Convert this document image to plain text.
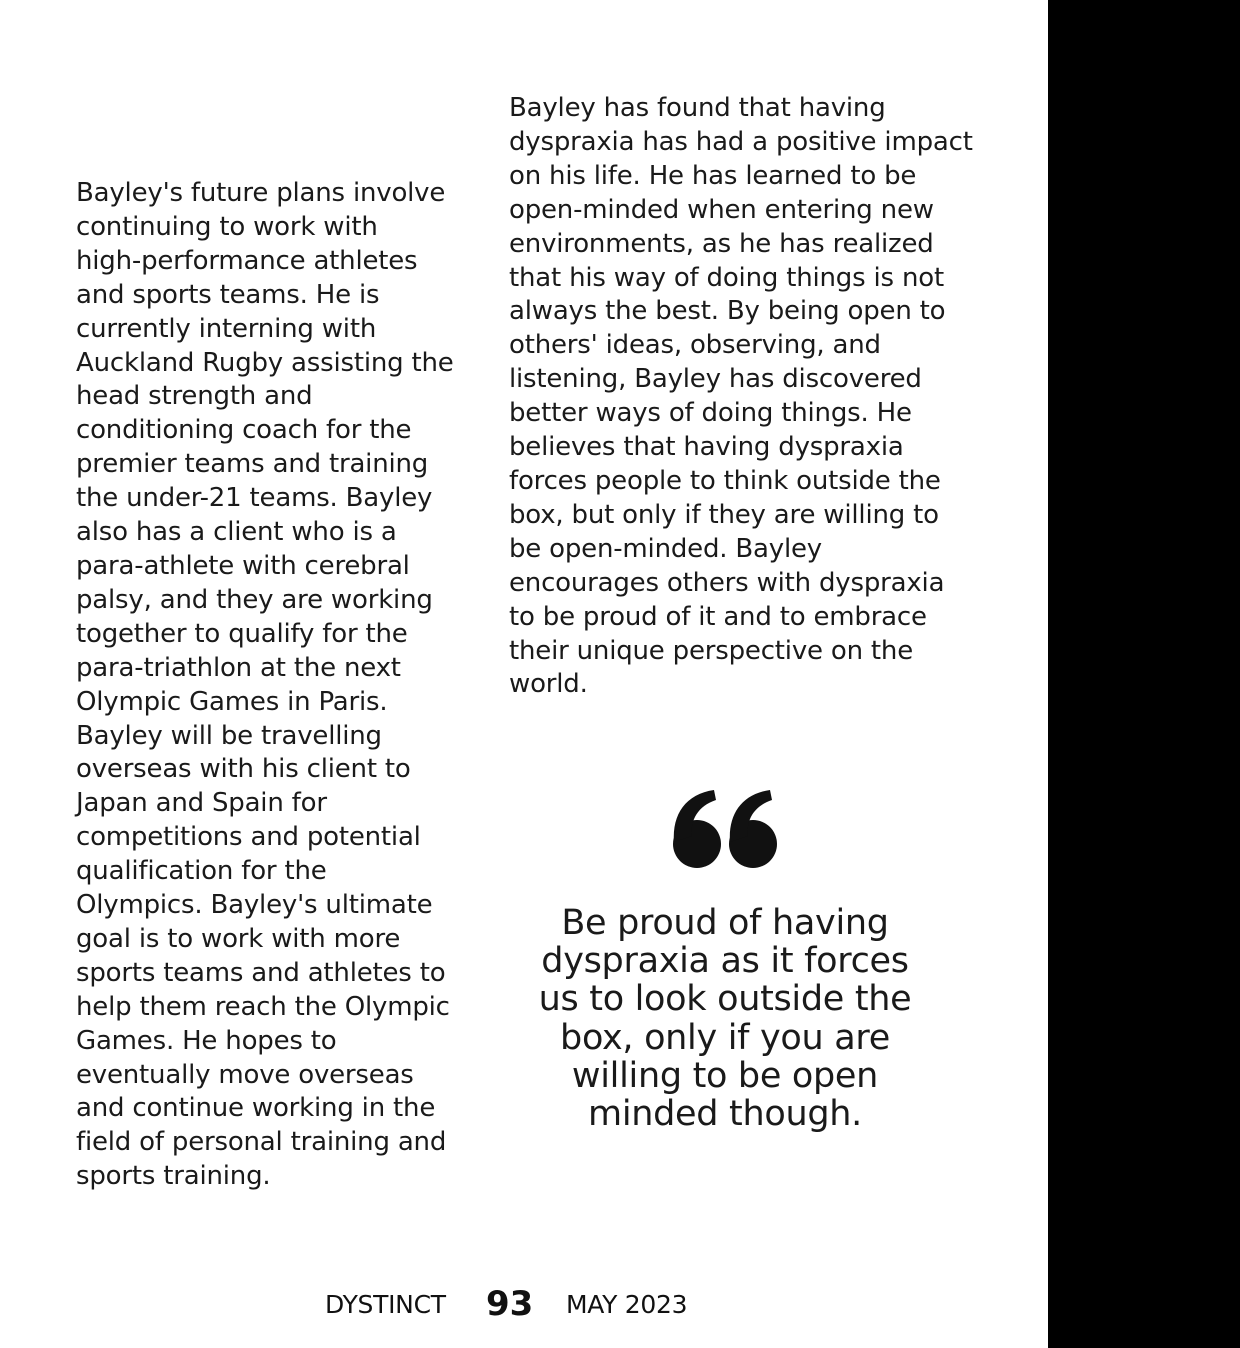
Bayley's future plans involve
continuing to work with
high-performance athletes
and sports teams. He is
currently interning with
Auckland Rugby assisting the
head strength and
conditioning coach for the
premier teams and training
the under-21 teams. Bayley
also has a client who is a
para-athlete with cerebral
palsy, and they are working
together to qualify for the
para-triathlon at the next
Olympic Games in Paris.
Bayley will be travelling
overseas with his client to
Japan and Spain for
competitions and potential
qualification for the
Olympics. Bayley's ultimate
goal is to work with more
sports teams and athletes to
help them reach the Olympic
Games. He hopes to
eventually move overseas
and continue working in the
field of personal training and
sports training.

Bayley has found that having
dyspraxia has had a positive impact
on his life. He has learned to be
open-minded when entering new
environments, as he has realized
that his way of doing things is not
always the best. By being open to
others' ideas, observing, and
listening, Bayley has discovered
better ways of doing things. He
believes that having dyspraxia
forces people to think outside the
box, but only if they are willing to
be open-minded. Bayley
encourages others with dyspraxia
to be proud of it and to embrace
their unique perspective on the
world.

Be proud of having
dyspraxia as it forces
us to look outside the
box, only if you are
willing to be open
minded though.

DYSTINCT 93 MAY 2023
